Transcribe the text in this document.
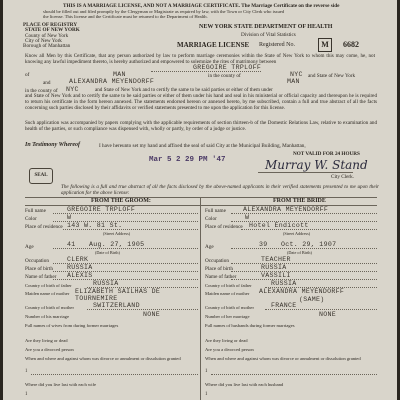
THIS IS A MARRIAGE LICENSE, AND NOT A MARRIAGE CERTIFICATE. The Marriage Certificate on the reverse side
should be filled out and filed promptly by the Clergyman or Magistrate as required by law, with the Town or City Clerk who issued
the license. This license and the Certificate must be returned to the Department of Health.
PLACE OF REGISTRY
STATE OF NEW YORK
County of New York
City of New York
Borough of Manhattan
NEW YORK STATE DEPARTMENT OF HEALTH
Division of Vital Statistics
MARRIAGE LICENSE Registered No.	M	6682
Know all Men by this Certificate, that any person authorized by law to perform marriage ceremonies within the State of New York to whom this may come, he, not knowing any lawful impediment thereto, is hereby authorized and empowered to solemnize the rites of matrimony between
of
GREGOIRE TRPLOFF
MAN	in the county of	NYC and State of New York
and	ALEXANDRA MEYENDORFF	MAN
in the county of NYC	and State of New York and to certify the same to be said parties or either of them under
and State of New York and to certify the same to be said parties or either of them under his hand and seal in his ministerial or official capacity and thereupon he is required to return his certificate in the form hereon annexed. The statements endorsed hereon or annexed hereto, by me subscribed, contain a full and true abstract of all the facts concerning such parties disclosed by their affidavits or verified statements presented to me upon the application for this license.
Such application was accompanied by papers complying with the applicable requirements of section thirteen-b of the Domestic Relations Law, relative to examination and health of the parties, or such compliance was dispensed with, wholly or partly, by order of a judge or justice.
In Testimony Whereof	I have hereunto set my hand and affixed the seal of said City at the Municipal Building, Manhattan,
NOT VALID FOR 24 HOURS
Mar 5 2 29 PM '47	Murray W. Stand
City Clerk.
SEAL
The following is a full and true abstract of all the facts disclosed by the above-named applicants in their verified statements presented to me upon their application for the above license:
FROM THE GROOM:	FROM THE BRIDE
Full name	GREGOIRE TRPLOFF
Color	W
Place of residence 143 W. 81 St.
(Street Address)
Age	41 Aug. 27, 1905
(Date of Birth)
Occupation	CLERK
Place of birth RUSSIA
Name of father ALEXIS
Country of birth of father	RUSSIA
Maiden name of mother ELIZABETH SAILHAS DE TOURNEMIRE
Country of birth of mother	SWITZERLAND
Number of his marriage	NONE
Full names of wives from during former marriages
Are they living or dead
Are you a divorced person
When and where and against whom was divorce or annulment or dissolution granted
1
Where did you live last with each wife
1
Full name	ALEXANDRA MEYENDORFF
Color	W
Place of residence Hotel Endicott
(Street Address)
Age	39 Oct. 29, 1907
(Date of Birth)
Occupation	TEACHER
Place of birth	RUSSIA
Name of father	VASSILI
Country of birth of father	RUSSIA
Maiden name of mother ALEXANDRA MEYENDORFF
(SAME)
Country of birth of mother	FRANCE
Number of her marriage	NONE
Full names of husbands during former marriages
Are they living or dead
Are you a divorced person
When and where and against whom was divorce or annulment or dissolution granted
1
Where did you live last with each husband
1
